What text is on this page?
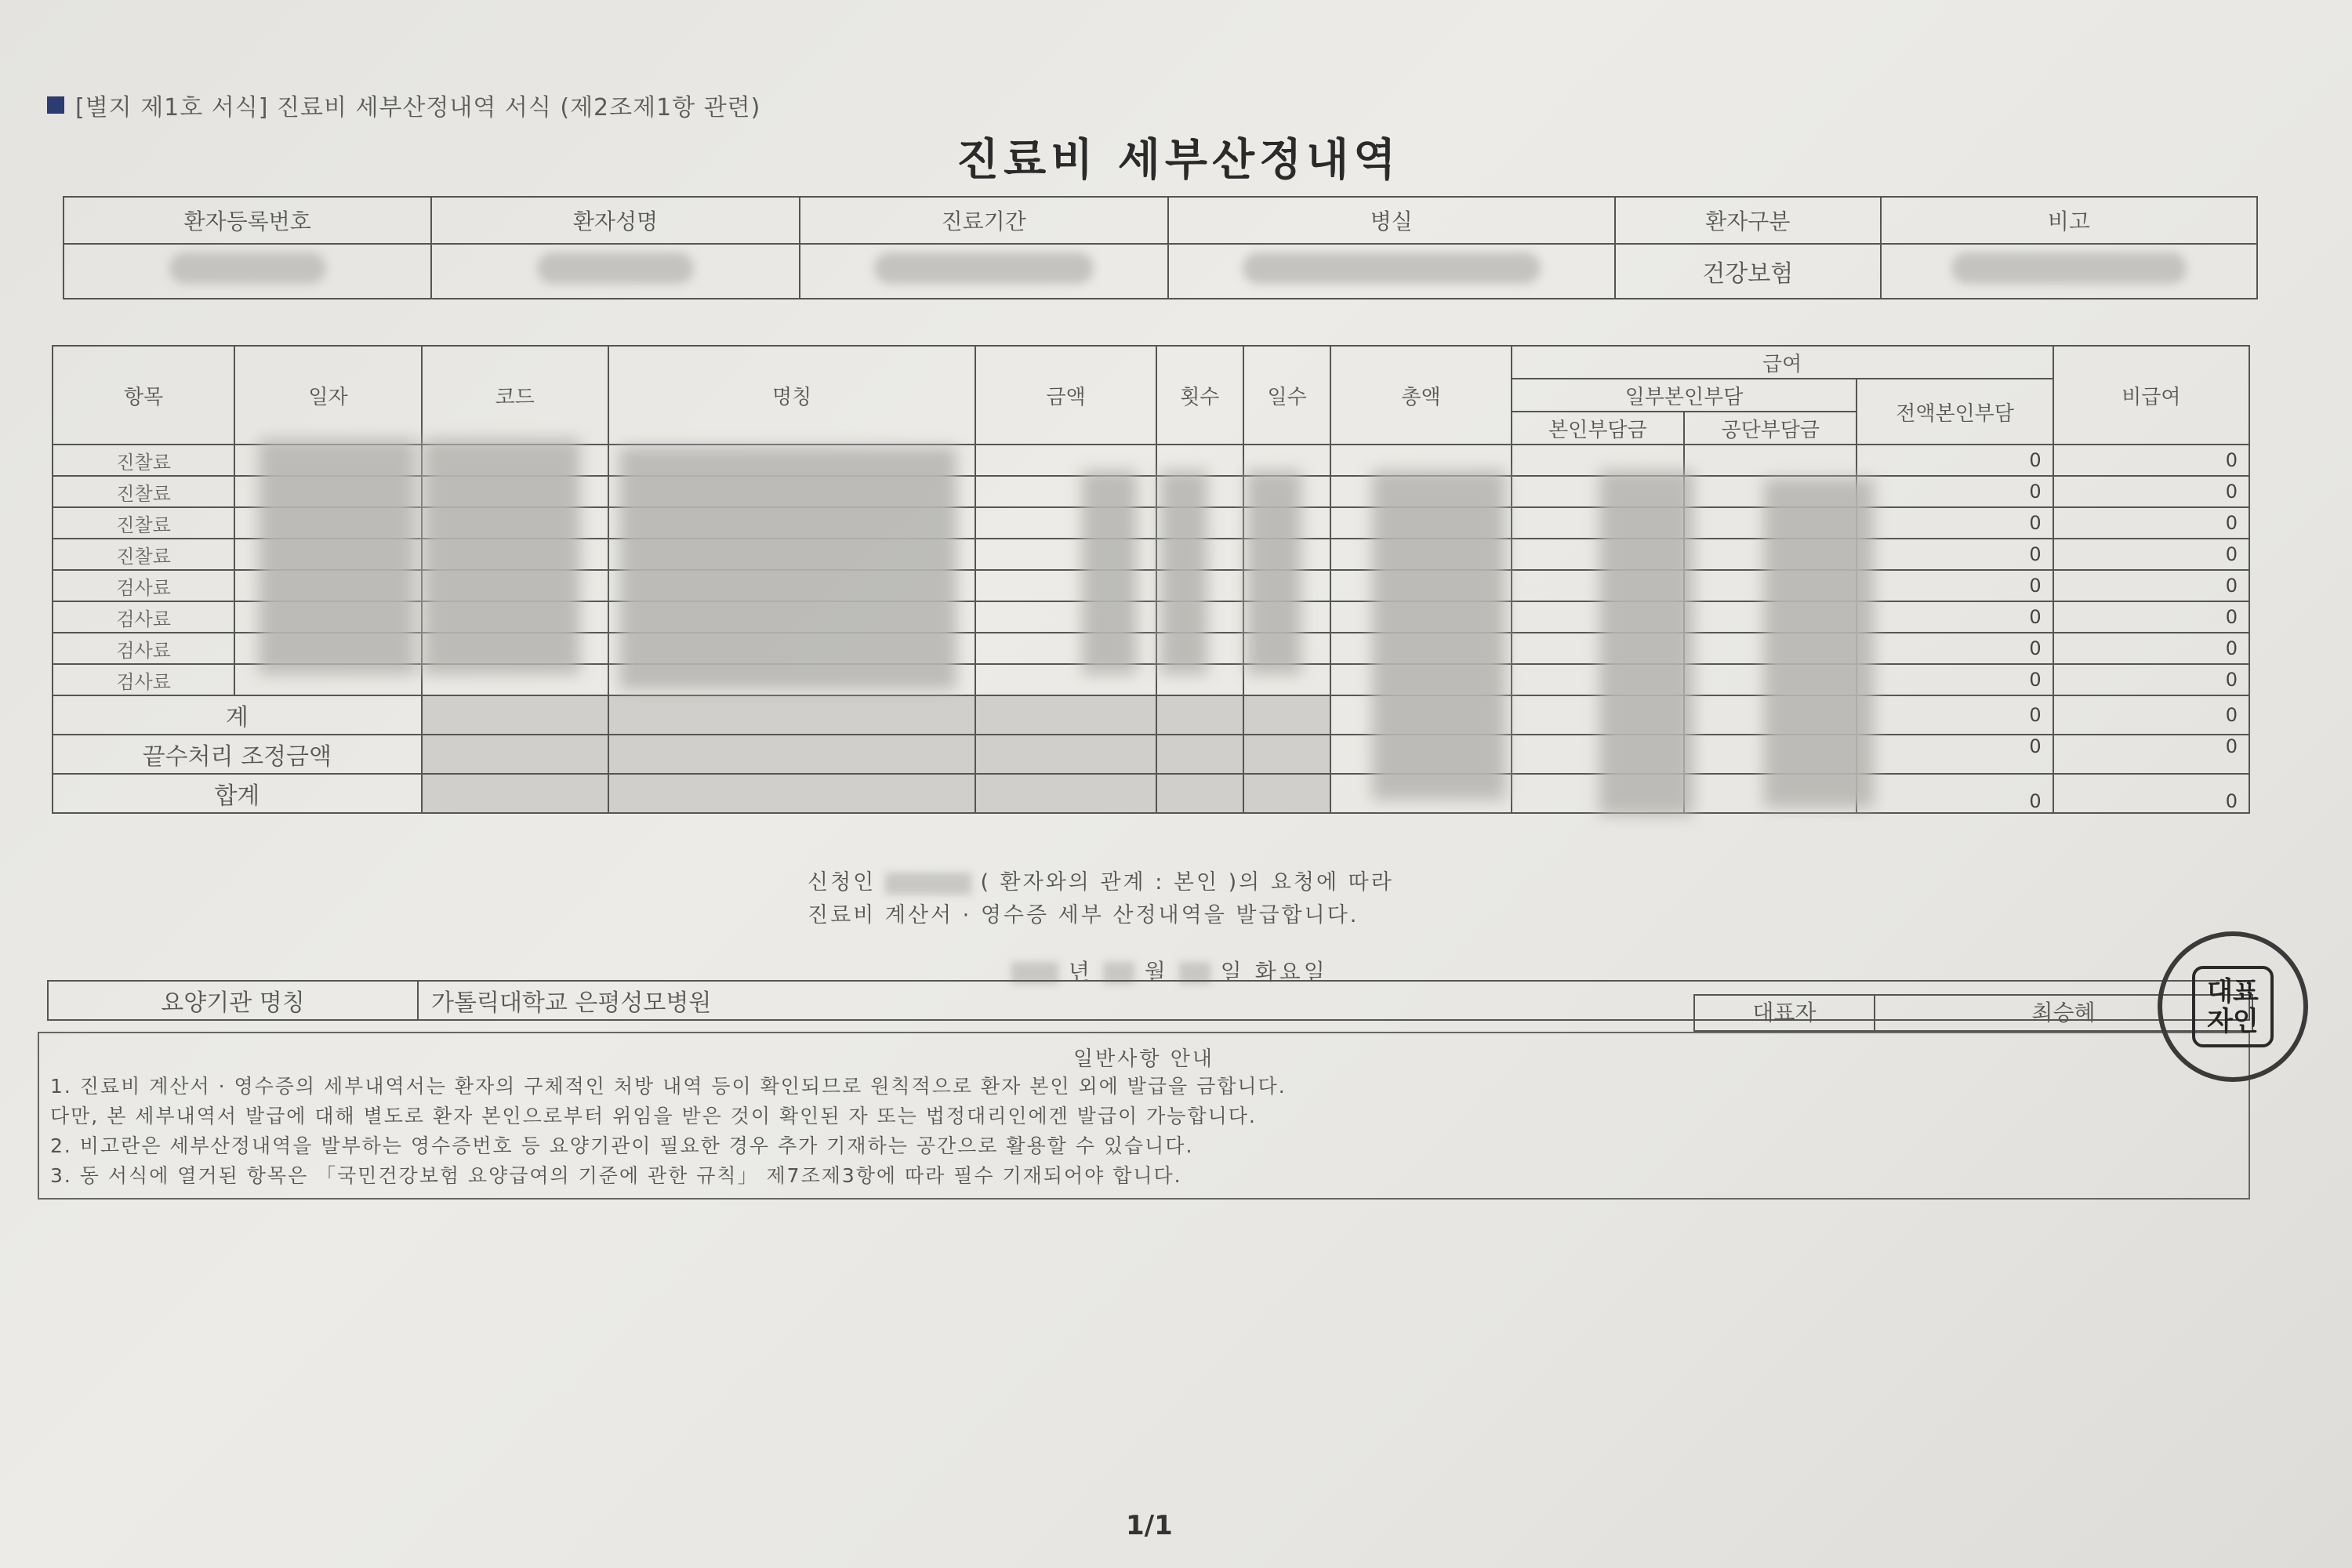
[별지 제1호 서식] 진료비 세부산정내역 서식 (제2조제1항 관련)
진료비 세부산정내역
환자등록번호	환자성명	진료기간	병실	환자구분	비고
				건강보험	
항목	일자	코드	명칭	금액	횟수	일수	총액	급여			비급여
								일부본인부담		전액본인부담	
								본인부담금	공단부담금		
진찰료										0	0
진찰료										0	0
진찰료										0	0
진찰료										0	0
검사료										0	0
검사료										0	0
검사료										0	0
검사료										0	0
계										0	0
끝수처리 조정금액										0	0
합계										0	0
신청인	( 환자와의 관계 : 본인 )의 요청에 따라
진료비 계산서 · 영수증 세부 산정내역을 발급합니다.
년 월 일 화요일
요양기관 명칭	가톨릭대학교 은평성모병원	대표자	최승혜
일반사항 안내
1. 진료비 계산서 · 영수증의 세부내역서는 환자의 구체적인 처방 내역 등이 확인되므로 원칙적으로 환자 본인 외에 발급을 금합니다.
다만, 본 세부내역서 발급에 대해 별도로 환자 본인으로부터 위임을 받은 것이 확인된 자 또는 법정대리인에겐 발급이 가능합니다.
2. 비고란은 세부산정내역을 발부하는 영수증번호 등 요양기관이 필요한 경우 추가 기재하는 공간으로 활용할 수 있습니다.
3. 동 서식에 열거된 항목은 「국민건강보험 요양급여의 기준에 관한 규칙」 제7조제3항에 따라 필수 기재되어야 합니다.
대표
자인
1/1
